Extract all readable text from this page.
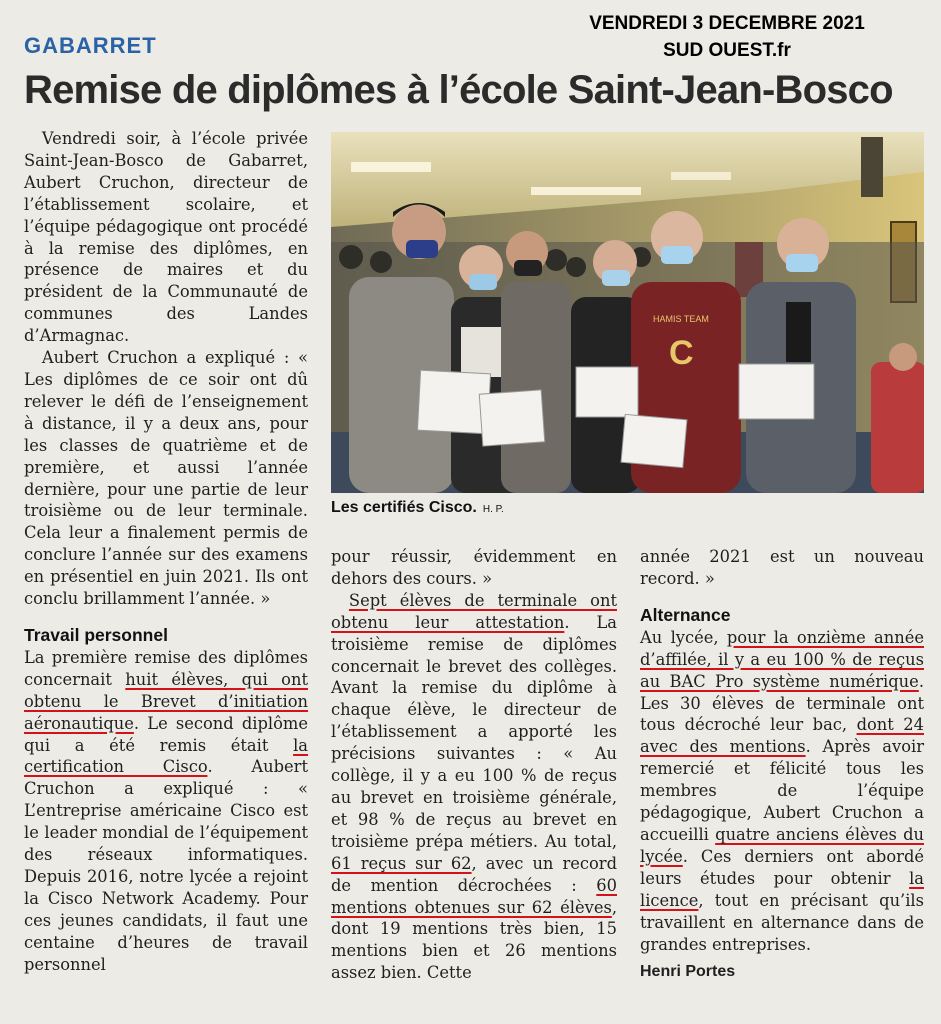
VENDREDI 3 DECEMBRE 2021
SUD OUEST.fr
GABARRET
Remise de diplômes à l’école Saint-Jean-Bosco
HAMIS TEAM
C
Les certifiés Cisco. H. P.

Vendredi soir, à l’école privée Saint-Jean-Bosco de Gabarret, Aubert Cruchon, directeur de l’établissement scolaire, et l’équipe pédagogique ont procédé à la remise des diplômes, en présence de maires et du président de la Communauté de communes des Landes d’Armagnac.

Aubert Cruchon a expliqué : « Les diplômes de ce soir ont dû relever le défi de l’enseignement à distance, il y a deux ans, pour les classes de quatrième et de première, et aussi l’année dernière, pour une partie de leur troisième ou de leur terminale. Cela leur a finalement permis de conclure l’année sur des examens en présentiel en juin 2021. Ils ont conclu brillamment l’année. »

Travail personnel

La première remise des diplômes concernait huit élèves, qui ont obtenu le Brevet d’initiation aéronautique. Le second diplôme qui a été remis était la certification Cisco. Aubert Cruchon a expliqué : « L’entreprise américaine Cisco est le leader mondial de l’équipement des réseaux informatiques. Depuis 2016, notre lycée a rejoint la Cisco Network Academy. Pour ces jeunes candidats, il faut une centaine d’heures de travail personnel

pour réussir, évidemment en dehors des cours. »

Sept élèves de terminale ont obtenu leur attestation. La troisième remise de diplômes concernait le brevet des collèges. Avant la remise du diplôme à chaque élève, le directeur de l’établissement a apporté les précisions suivantes : « Au collège, il y a eu 100 % de reçus au brevet en troisième générale, et 98 % de reçus au brevet en troisième prépa métiers. Au total, 61 reçus sur 62, avec un record de mention décrochées : 60 mentions obtenues sur 62 élèves, dont 19 mentions très bien, 15 mentions bien et 26 mentions assez bien. Cette

année 2021 est un nouveau record. »

Alternance

Au lycée, pour la onzième année d’affilée, il y a eu 100 % de reçus au BAC Pro système numérique. Les 30 élèves de terminale ont tous décroché leur bac, dont 24 avec des mentions. Après avoir remercié et félicité tous les membres de l’équipe pédagogique, Aubert Cruchon a accueilli quatre anciens élèves du lycée. Ces derniers ont abordé leurs études pour obtenir la licence, tout en précisant qu’ils travaillent en alternance dans de grandes entreprises.

Henri Portes
